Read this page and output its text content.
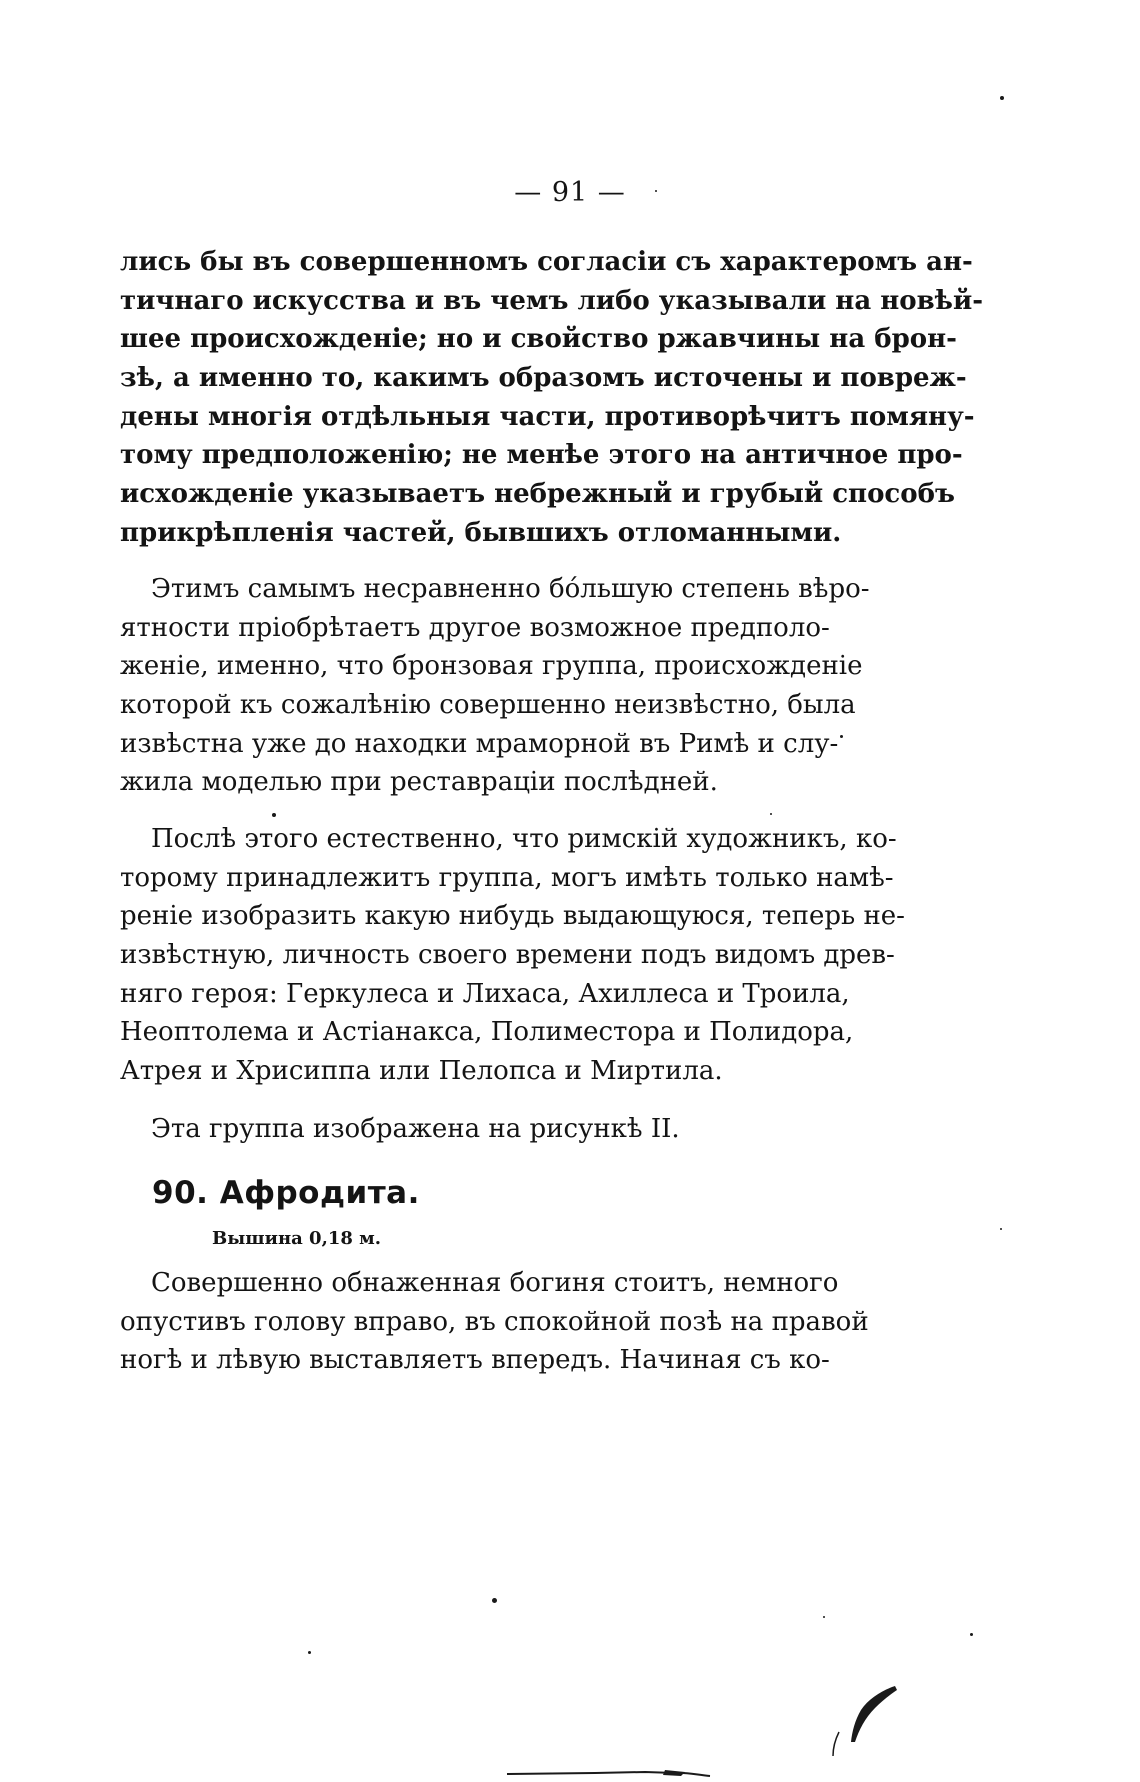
— 91 —
лись бы въ совершенномъ согласіи съ характеромъ ан-
тичнаго искусства и въ чемъ либо указывали на новѣй-
шее происхожденіе; но и свойство ржавчины на брон-
зѣ, а именно то, какимъ образомъ источены и повреж-
дены многія отдѣльныя части, противорѣчитъ помяну-
тому предположенію; не менѣе этого на античное про-
исхожденіе указываетъ небрежный и грубый способъ
прикрѣпленія частей, бывшихъ отломанными.
Этимъ самымъ несравненно бóльшую степень вѣро-
ятности пріобрѣтаетъ другое возможное предполо-
женіе, именно, что бронзовая группа, происхожденіе
которой къ сожалѣнію совершенно неизвѣстно, была
извѣстна уже до находки мраморной въ Римѣ и слу-
жила моделью при реставраціи послѣдней.
Послѣ этого естественно, что римскій художникъ, ко-
торому принадлежитъ группа, могъ имѣть только намѣ-
реніе изобразить какую нибудь выдающуюся, теперь не-
извѣстную, личность своего времени подъ видомъ древ-
няго героя: Геркулеса и Лихаса, Ахиллеса и Троила,
Неоптолема и Астіанакса, Полиместора и Полидора,
Атрея и Хрисиппа или Пелопса и Миртила.
Эта группа изображена на рисункѣ II.
90. Афродита.
Вышина 0,18 м.
Совершенно обнаженная богиня стоитъ, немного
опустивъ голову вправо, въ спокойной позѣ на правой
ногѣ и лѣвую выставляетъ впередъ. Начиная съ ко-
